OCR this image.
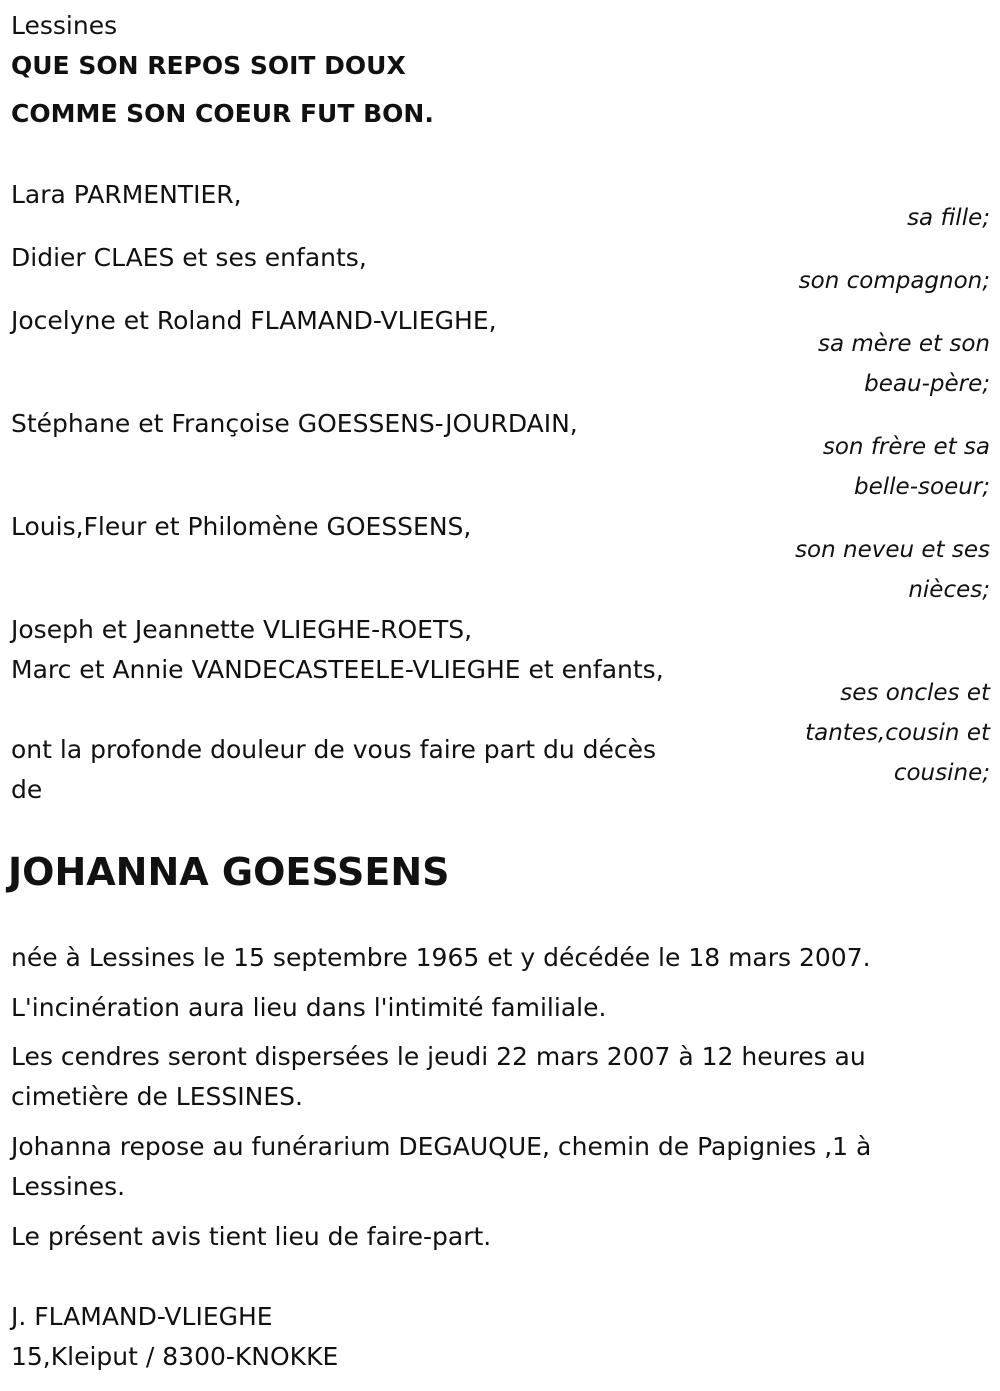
Lessines

QUE SON REPOS SOIT DOUX

COMME SON COEUR FUT BON.

Lara PARMENTIER,

Didier CLAES et ses enfants,

Jocelyne et Roland FLAMAND-VLIEGHE,

Stéphane et Françoise GOESSENS-JOURDAIN,

Louis,Fleur et Philomène GOESSENS,

Joseph et Jeannette VLIEGHE-ROETS,

Marc et Annie VANDECASTEELE-VLIEGHE et enfants,

sa fille;
son compagnon;
sa mère et son
beau-père;
son frère et sa
belle-soeur;
son neveu et ses
nièces;
ses oncles et
tantes,cousin et
cousine;

ont la profonde douleur de vous faire part du décès

de

JOHANNA GOESSENS

née à Lessines le 15 septembre 1965 et y décédée le 18 mars 2007.

L'incinération aura lieu dans l'intimité familiale.

Les cendres seront dispersées le jeudi 22 mars 2007 à 12 heures au

cimetière de LESSINES.

Johanna repose au funérarium DEGAUQUE, chemin de Papignies ,1 à

Lessines.

Le présent avis tient lieu de faire-part.

J. FLAMAND-VLIEGHE

15,Kleiput / 8300-KNOKKE
